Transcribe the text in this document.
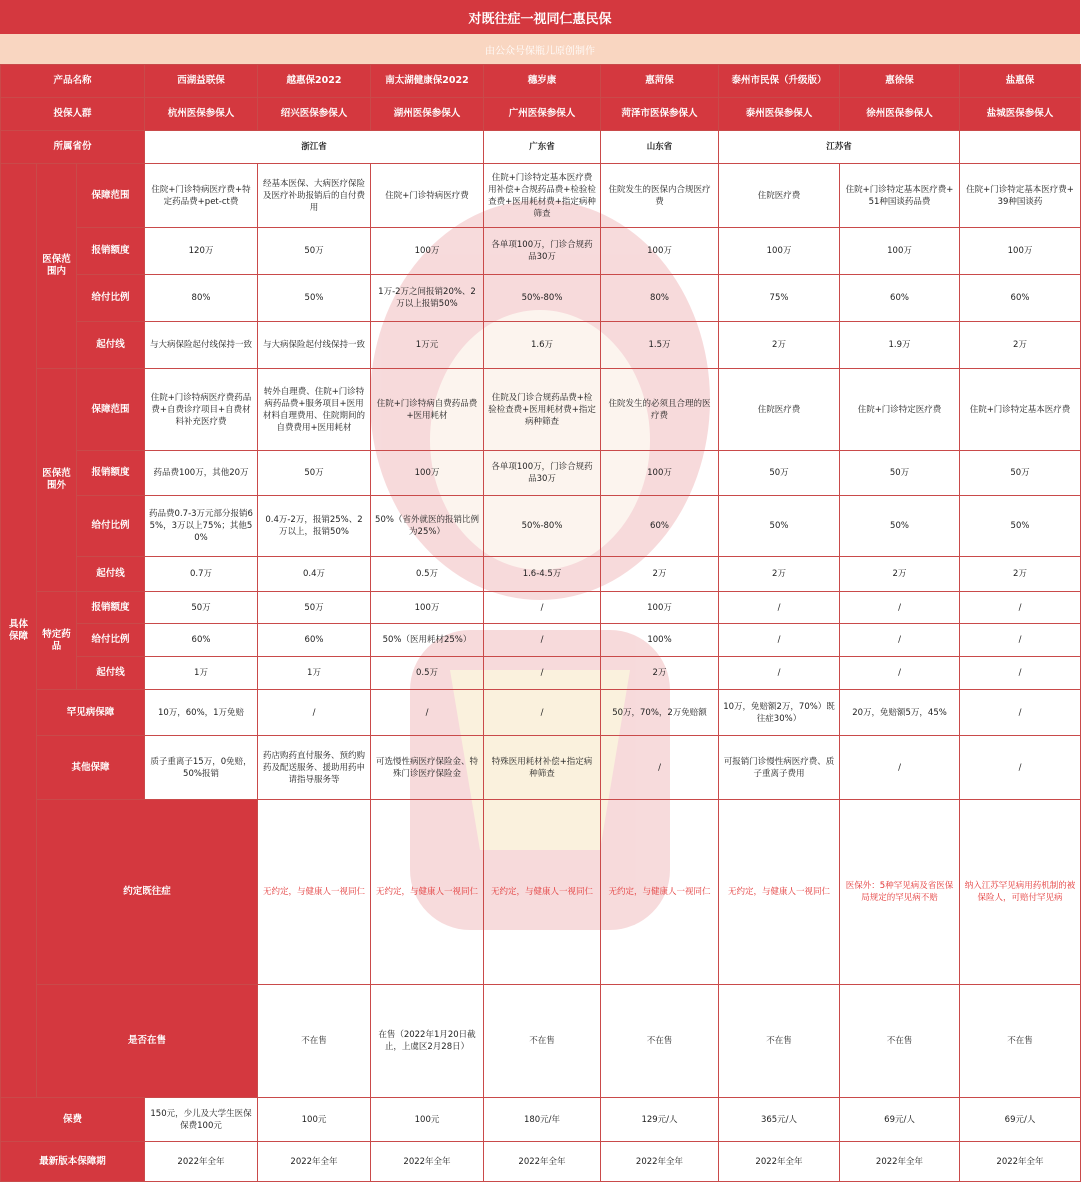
对既往症一视同仁惠民保
由公众号保瓶儿原创制作
产品名称			西湖益联保	越惠保2022	南太湖健康保2022	穗岁康	惠菏保	泰州市民保（升级版）	惠徐保	盐惠保	
投保人群			杭州医保参保人	绍兴医保参保人	湖州医保参保人	广州医保参保人	菏泽市医保参保人	泰州医保参保人	徐州医保参保人	盐城医保参保人	
所属省份			浙江省			广东省	山东省	江苏省			
具体保障	医保范围内	保障范围	住院+门诊特病医疗费+特定药品费+pet-ct费	经基本医保、大病医疗保险及医疗补助报销后的自付费用	住院+门诊特病医疗费	住院+门诊特定基本医疗费用补偿+合规药品费+检验检查费+医用耗材费+指定病种筛查	住院发生的医保内合规医疗费	住院医疗费	住院+门诊特定基本医疗费+51种国谈药品费	住院+门诊特定基本医疗费+39种国谈药	
		报销额度	120万	50万	100万	各单项100万，门诊合规药品30万	100万	100万	100万	100万	
		给付比例	80%	50%	1万-2万之间报销20%、2万以上报销50%	50%-80%	80%	75%	60%	60%	
		起付线	与大病保险起付线保持一致	与大病保险起付线保持一致	1万元	1.6万	1.5万	2万	1.9万	2万	
	医保范围外	保障范围	住院+门诊特病医疗费药品费+自费诊疗项目+自费材料补充医疗费	转外自理费、住院+门诊特病药品费+服务项目+医用材料自理费用、住院期间的自费费用+医用耗材	住院+门诊特病自费药品费+医用耗材	住院及门诊合规药品费+检验检查费+医用耗材费+指定病种筛查	住院发生的必须且合理的医疗费	住院医疗费	住院+门诊特定医疗费	住院+门诊特定基本医疗费	
		报销额度	药品费100万，其他20万	50万	100万	各单项100万，门诊合规药品30万	100万	50万	50万	50万	
		给付比例	药品费0.7-3万元部分报销65%，3万以上75%；其他50%	0.4万-2万，报销25%、2万以上，报销50%	50%（省外就医的报销比例为25%）	50%-80%	60%	50%	50%	50%	
		起付线	0.7万	0.4万	0.5万	1.6-4.5万	2万	2万	2万	2万	
	特定药品	报销额度	50万	50万	100万	/	100万	/	/	/	
		给付比例	60%	60%	50%（医用耗材25%）	/	100%	/	/	/	
		起付线	1万	1万	0.5万	/	2万	/	/	/	
	罕见病保障		10万，60%，1万免赔	/	/	/	50万，70%，2万免赔额	10万，免赔额2万，70%）既往症30%）	20万，免赔额5万，45%	/	
	其他保障		质子重离子15万，0免赔，50%报销	药店购药直付服务、预约购药及配送服务、援助用药申请指导服务等	可选慢性病医疗保险金、特殊门诊医疗保险金	特殊医用耗材补偿+指定病种筛查	/	可报销门诊慢性病医疗费、质子重离子费用	/	/	
	约定既往症			无约定，与健康人一视同仁	无约定，与健康人一视同仁	无约定，与健康人一视同仁	无约定，与健康人一视同仁	无约定，与健康人一视同仁	医保外：5种罕见病及省医保局规定的罕见病不赔	纳入江苏罕见病用药机制的被保险人，可赔付罕见病	
	是否在售			不在售	在售（2022年1月20日截止，上虞区2月28日）	不在售	不在售	不在售	不在售	不在售	
保费			150元，少儿及大学生医保保费100元	100元	100元	180元/年	129元/人	365元/人	69元/人	69元/人	
最新版本保障期			2022年全年	2022年全年	2022年全年	2022年全年	2022年全年	2022年全年	2022年全年	2022年全年	
